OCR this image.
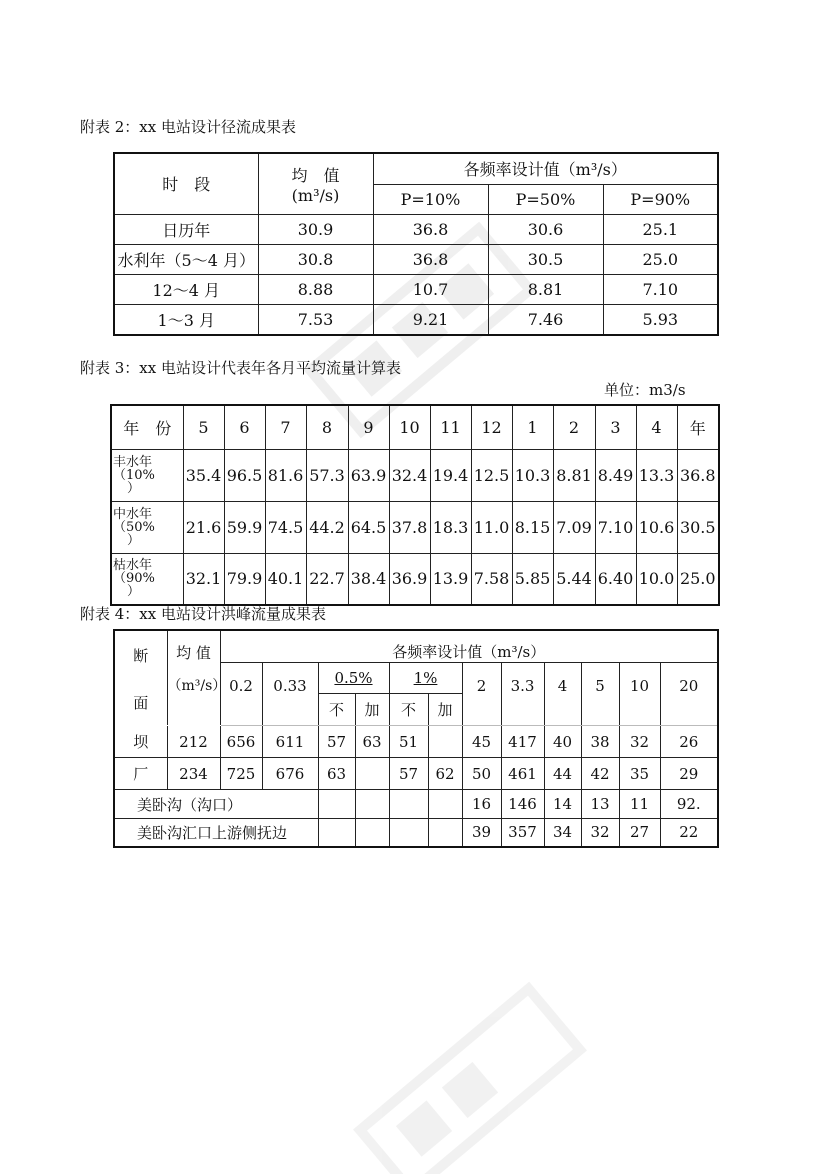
附表 2：xx 电站设计径流成果表
时　段	均　值
(m³/s)	各频率设计值（m³/s）		
		P=10%	P=50%	P=90%
日历年	30.9	36.8	30.6	25.1
水利年（5～4 月）	30.8	36.8	30.5	25.0
12～4 月	8.88	10.7	8.81	7.10
1～3 月	7.53	9.21	7.46	5.93
附表 3：xx 电站设计代表年各月平均流量计算表
单位：m3/s
年　份	5	6	7	8	9	10	11	12	1	2	3	4	年

丰水年
（10%
）	35.4	96.5	81.6	57.3	63.9	32.4	19.4	12.5	10.3	8.81	8.49	13.3	36.8

中水年
（50%
）	21.6	59.9	74.5	44.2	64.5	37.8	18.3	11.0	8.15	7.09	7.10	10.6	30.5

枯水年
（90%
）	32.1	79.9	40.1	22.7	38.4	36.9	13.9	7.58	5.85	5.44	6.40	10.0	25.0
附表 4：xx 电站设计洪峰流量成果表
断
面	均 值
（m³/s）	各频率设计值（m³/s）											
		0.2	0.33	0.5%		1%		2	3.3	4	5	10	20
				不	加	不	加						
坝	212	656	611	57	63	51		45	417	40	38	32	26
厂	234	725	676	63		57	62	50	461	44	42	35	29
美卧沟（沟口）								16	146	14	13	11	92.
美卧沟汇口上游侧抚边								39	357	34	32	27	22
